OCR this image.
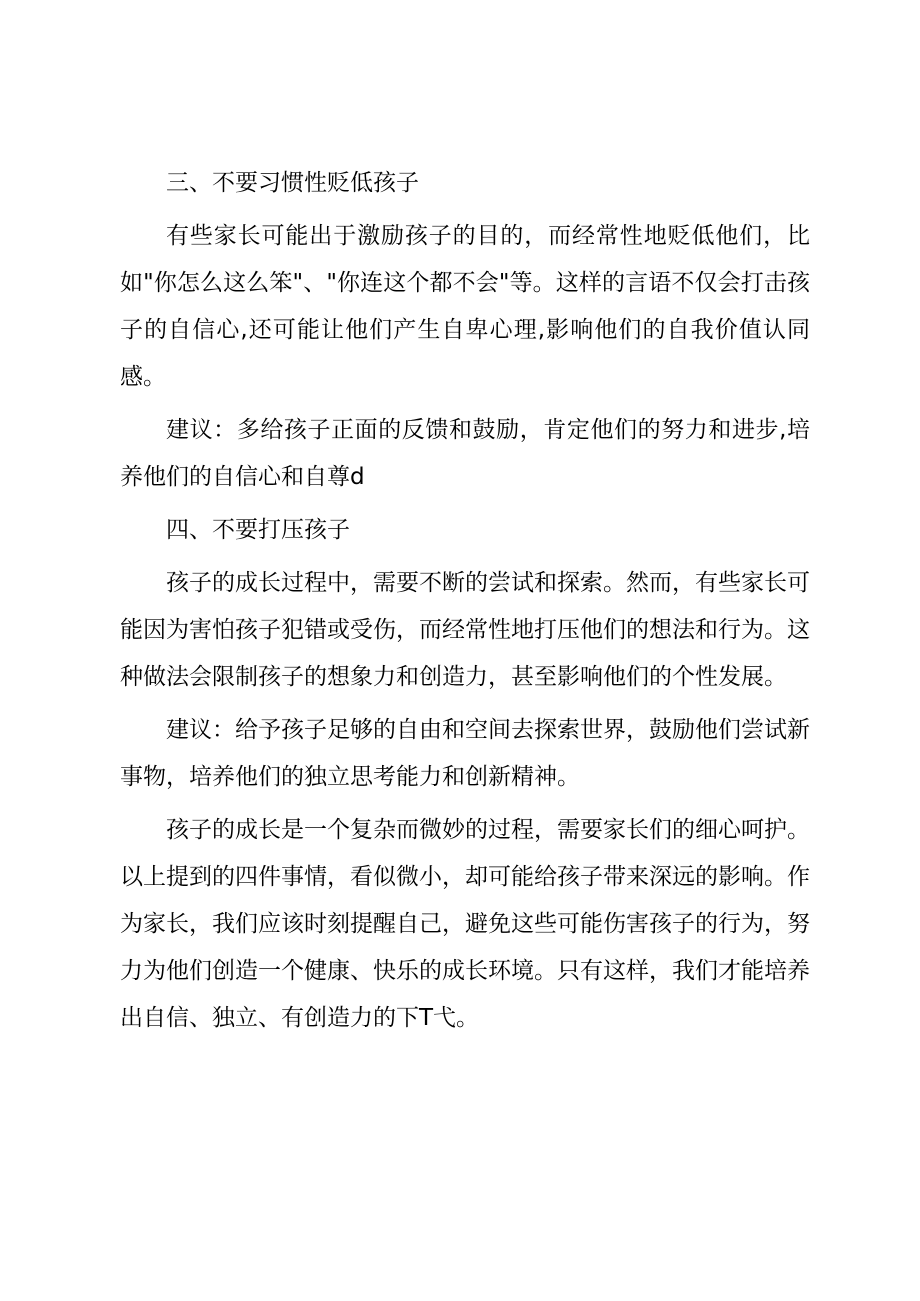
三、不要习惯性贬低孩子

有些家长可能出于激励孩子的目的，而经常性地贬低他们，比如"你怎么这么笨"、"你连这个都不会"等。这样的言语不仅会打击孩子的自信心,还可能让他们产生自卑心理,影响他们的自我价值认同感。

建议：多给孩子正面的反馈和鼓励，肯定他们的努力和进步,培养他们的自信心和自尊d

四、不要打压孩子

孩子的成长过程中，需要不断的尝试和探索。然而，有些家长可能因为害怕孩子犯错或受伤，而经常性地打压他们的想法和行为。这种做法会限制孩子的想象力和创造力，甚至影响他们的个性发展。

建议：给予孩子足够的自由和空间去探索世界，鼓励他们尝试新事物，培养他们的独立思考能力和创新精神。

孩子的成长是一个复杂而微妙的过程，需要家长们的细心呵护。以上提到的四件事情，看似微小，却可能给孩子带来深远的影响。作为家长，我们应该时刻提醒自己，避免这些可能伤害孩子的行为，努力为他们创造一个健康、快乐的成长环境。只有这样，我们才能培养出自信、独立、有创造力的下T弋。
